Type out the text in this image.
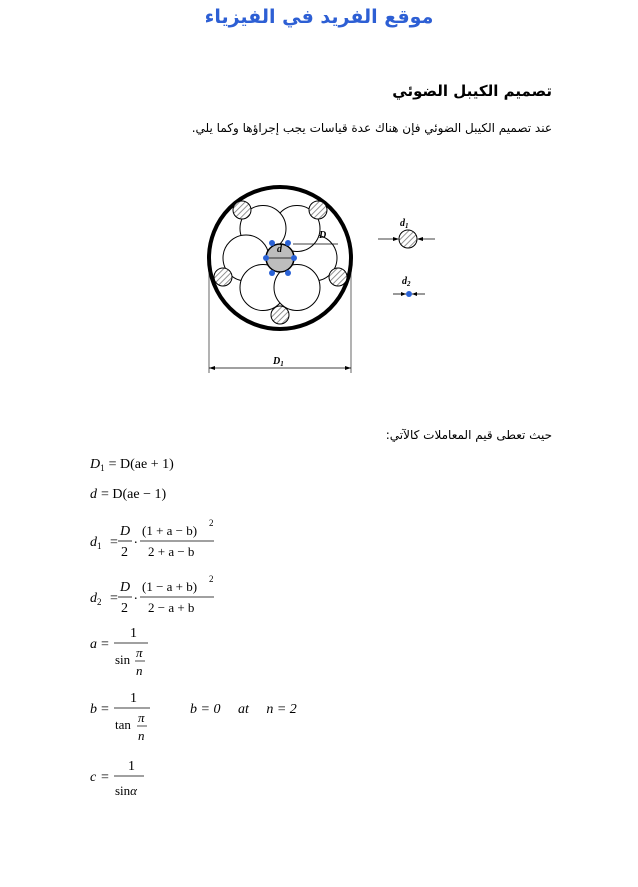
موقع الفريد في الفيزياء
تصميم الكيبل الضوئي
عند تصميم الكيبل الضوئي فإن هناك عدة قياسات يجب إجراؤها وكما يلي.
d
D
$D_1$
$d_1$
$d_2$
حيث تعطى قيم المعاملات كالآتي:
$D_1 = D(ae + 1)$
d = D(ae − 1)
$d_1$ =
D
2
.
(1 + a − b) 2
2 + a − b
$d_2$ =
D
2
.
(1 − a + b) 2
2 − a + b
a =
1
sin π
n
b =
1
tan π
n
b = 0     at     n = 2
c =
1
sinα
